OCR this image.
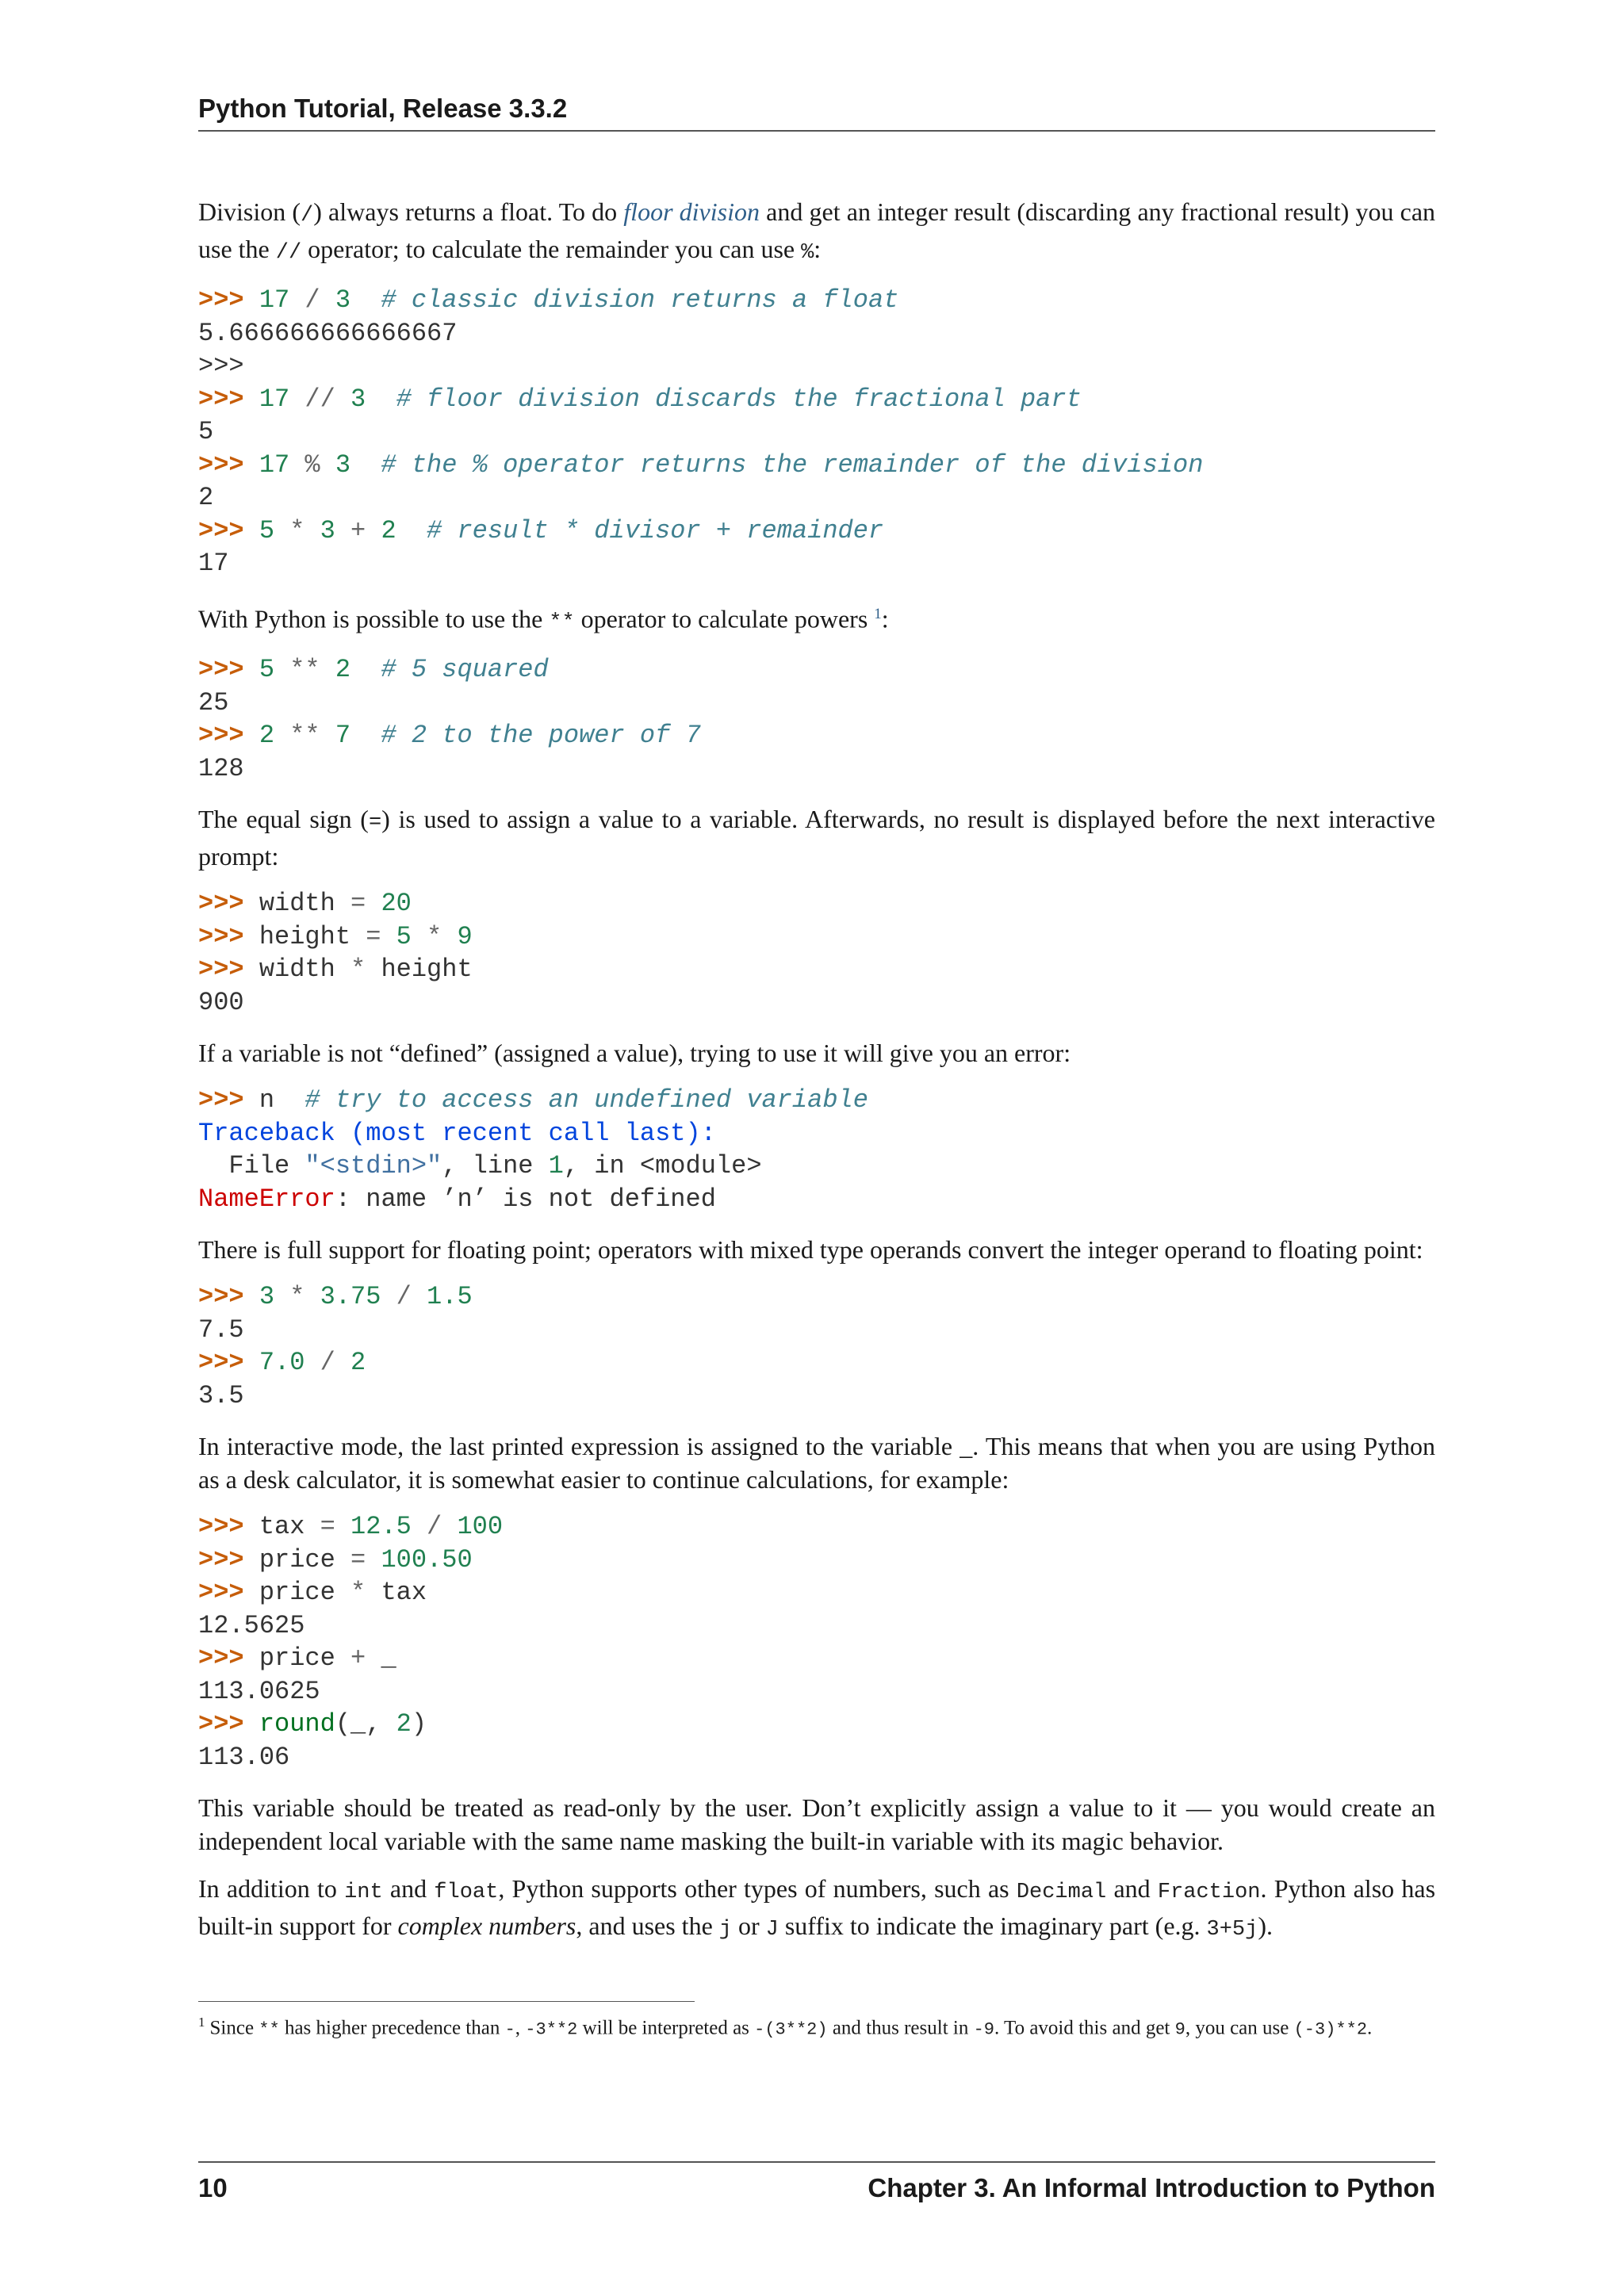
Python Tutorial, Release 3.3.2

Division (/) always returns a float. To do floor division and get an integer result (discarding any fractional result) you can use the // operator; to calculate the remainder you can use %:

>>> 17 / 3 # classic division returns a float
5.666666666666667
>>>
>>> 17 // 3 # floor division discards the fractional part
5
>>> 17 % 3 # the % operator returns the remainder of the division
2
>>> 5 * 3 + 2 # result * divisor + remainder
17

With Python is possible to use the ** operator to calculate powers $^1$:

>>> 5 ** 2 # 5 squared
25
>>> 2 ** 7 # 2 to the power of 7
128

The equal sign (=) is used to assign a value to a variable. Afterwards, no result is displayed before the next interactive prompt:

>>> width = 20
>>> height = 5 * 9
>>> width * height
900

If a variable is not “defined” (assigned a value), trying to use it will give you an error:

>>> n # try to access an undefined variable
Traceback (most recent call last):
File "<stdin>", line 1, in <module>
NameError: name ’n’ is not defined

There is full support for floating point; operators with mixed type operands convert the integer operand to floating point:

>>> 3 * 3.75 / 1.5
7.5
>>> 7.0 / 2
3.5

In interactive mode, the last printed expression is assigned to the variable _. This means that when you are using Python as a desk calculator, it is somewhat easier to continue calculations, for example:

>>> tax = 12.5 / 100
>>> price = 100.50
>>> price * tax
12.5625
>>> price + _
113.0625
>>> round(_, 2)
113.06

This variable should be treated as read-only by the user. Don’t explicitly assign a value to it — you would create an independent local variable with the same name masking the built-in variable with its magic behavior.

In addition to int and float, Python supports other types of numbers, such as Decimal and Fraction. Python also has built-in support for complex numbers, and uses the j or J suffix to indicate the imaginary part (e.g. 3+5j).

$^1$ Since ** has higher precedence than -, -3**2 will be interpreted as -(3**2) and thus result in -9. To avoid this and get 9, you can use (-3)**2.
10	Chapter 3. An Informal Introduction to Python
